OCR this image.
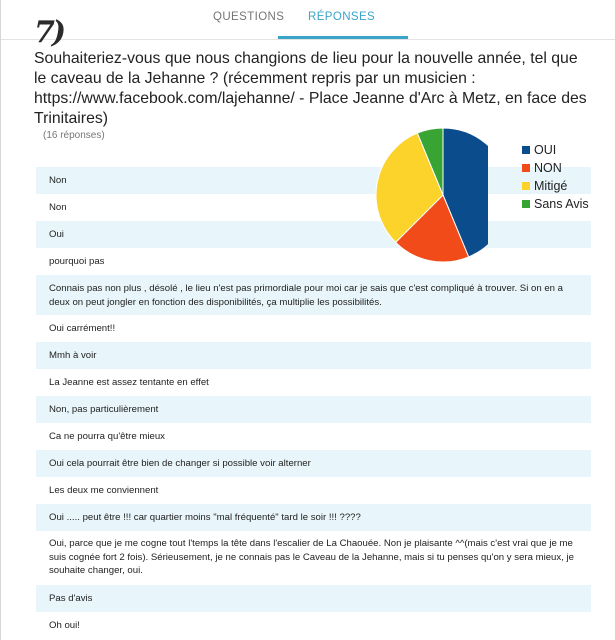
QUESTIONS RÉPONSES
7)
Souhaiteriez-vous que nous changions de lieu pour la nouvelle année, tel que le caveau de la Jehanne ? (récemment repris par un musicien : https://www.facebook.com/lajehanne/ - Place Jeanne d'Arc à Metz, en face des Trinitaires)
(16 réponses)
Non
Non
Oui
pourquoi pas
Connais pas non plus , désolé , le lieu n'est pas primordiale pour moi car je sais que c'est compliqué à trouver. Si on en a deux on peut jongler en fonction des disponibilités, ça multiplie les possibilités.
Oui carrément!!
Mmh à voir
La Jeanne est assez tentante en effet
Non, pas particulièrement
Ca ne pourra qu'être mieux
Oui cela pourrait être bien de changer si possible voir alterner
Les deux me conviennent
Oui ..... peut être !!! car quartier moins "mal fréquenté" tard le soir !!! ????
Oui, parce que je me cogne tout l'temps la tête dans l'escalier de La Chaouée. Non je plaisante ^^(mais c'est vrai que je me suis cognée fort 2 fois). Sérieusement, je ne connais pas le Caveau de la Jehanne, mais si tu penses qu'on y sera mieux, je souhaite changer, oui.
Pas d'avis
Oh oui!
OUI
NON
Mitigé
Sans Avis
